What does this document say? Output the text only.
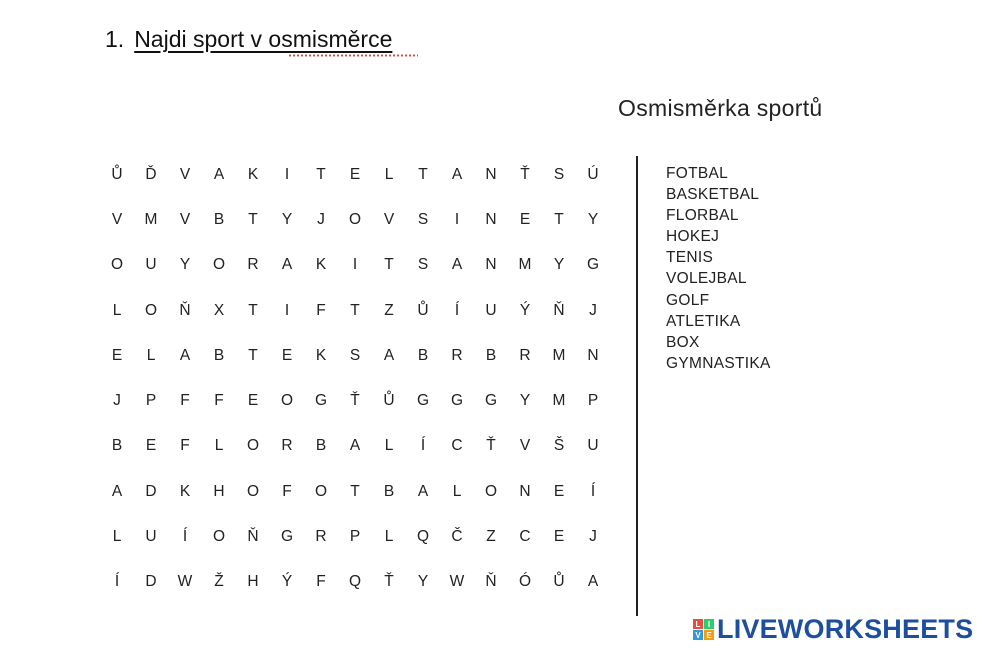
1. Najdi sport v osmisměrce
Osmisměrka sportů
Ů	Ď	V	A	K	I	T	E	L	T	A	N	Ť	S	Ú
V	M	V	B	T	Y	J	O	V	S	I	N	E	T	Y
O	U	Y	O	R	A	K	I	T	S	A	N	M	Y	G
L	O	Ň	X	T	I	F	T	Z	Ů	Í	U	Ý	Ň	J
E	L	A	B	T	E	K	S	A	B	R	B	R	M	N
J	P	F	F	E	O	G	Ť	Ů	G	G	G	Y	M	P
B	E	F	L	O	R	B	A	L	Í	C	Ť	V	Š	U
A	D	K	H	O	F	O	T	B	A	L	O	N	E	Í
L	U	Í	O	Ň	G	R	P	L	Q	Č	Z	C	E	J
Í	D	W	Ž	H	Ý	F	Q	Ť	Y	W	Ň	Ó	Ů	A
FOTBAL
BASKETBAL
FLORBAL
HOKEJ
TENIS
VOLEJBAL
GOLF
ATLETIKA
BOX
GYMNASTIKA
L I
V E LIVEWORKSHEETS
